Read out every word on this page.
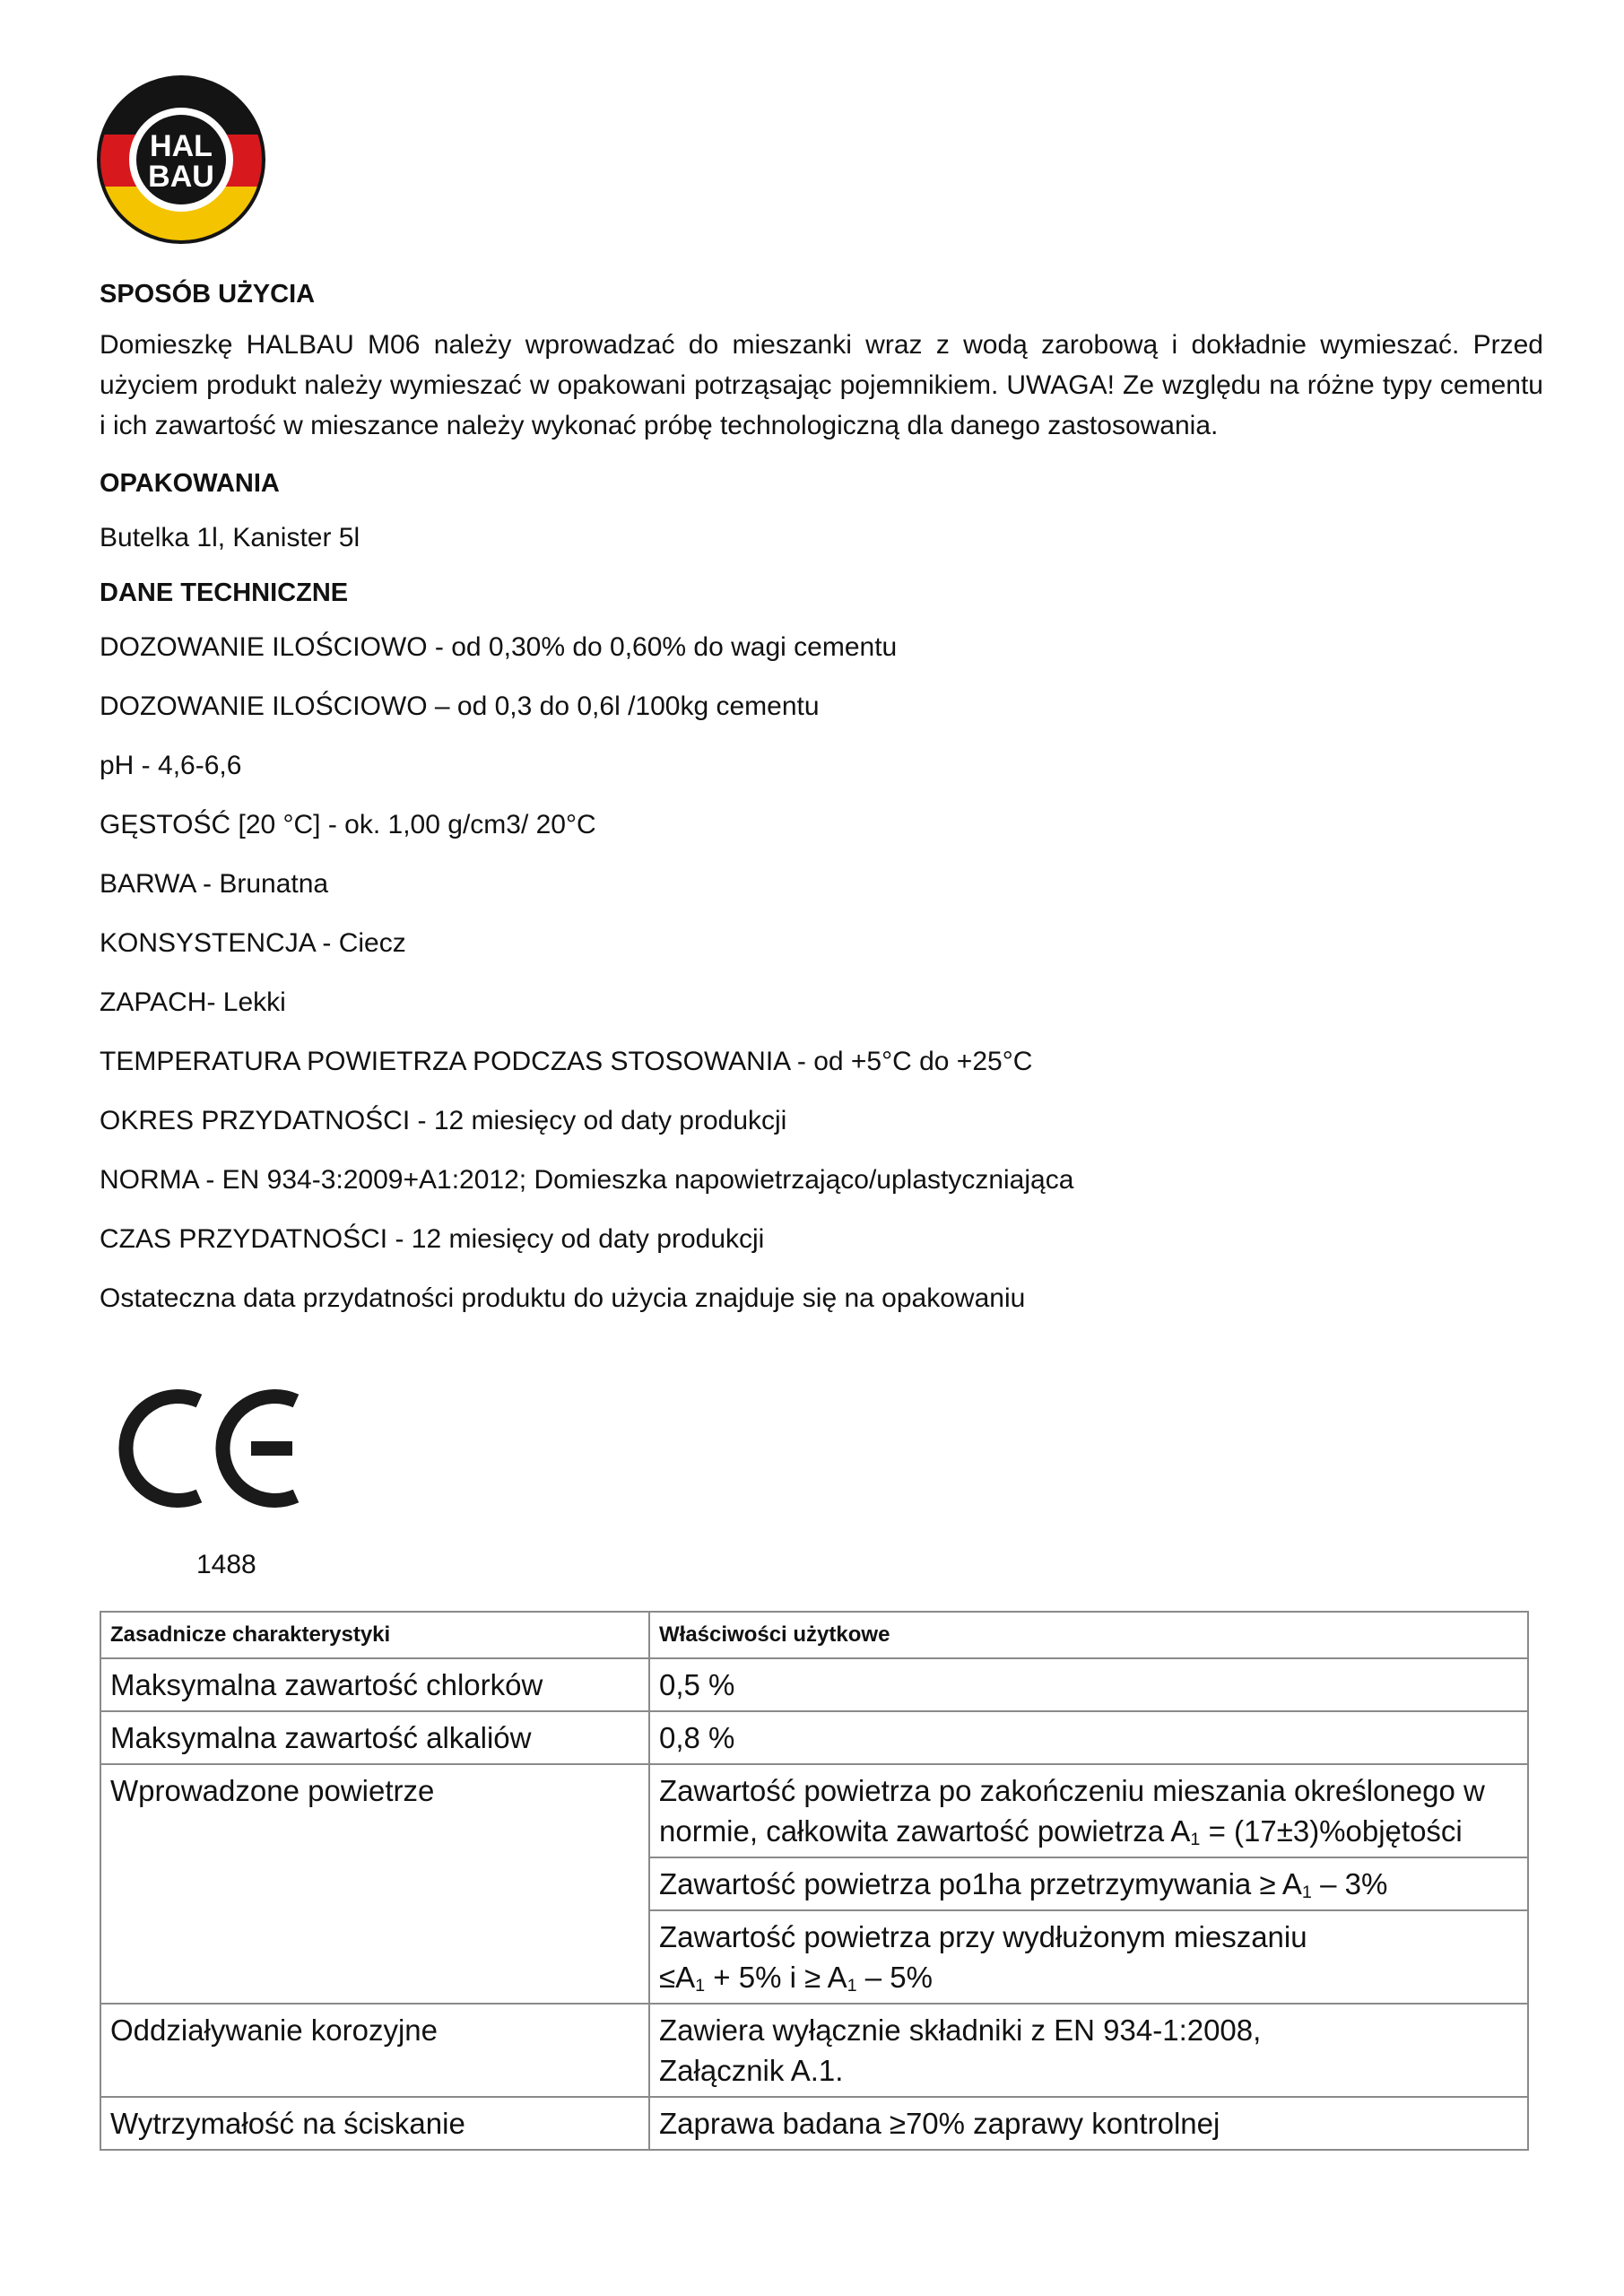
HAL
BAU

SPOSÓB UŻYCIA

Domieszkę HALBAU M06 należy wprowadzać do mieszanki wraz z wodą zarobową i dokładnie wymieszać. Przed użyciem produkt należy wymieszać w opakowani potrząsając pojemnikiem. UWAGA! Ze względu na różne typy cementu i ich zawartość w mieszance należy wykonać próbę technologiczną dla danego zastosowania.

OPAKOWANIA

Butelka 1l, Kanister 5l

DANE TECHNICZNE

DOZOWANIE ILOŚCIOWO - od 0,30% do 0,60% do wagi cementu

DOZOWANIE ILOŚCIOWO – od 0,3 do 0,6l /100kg cementu

pH - 4,6-6,6

GĘSTOŚĆ [20 °C] - ok. 1,00 g/cm3/ 20°C

BARWA - Brunatna

KONSYSTENCJA - Ciecz

ZAPACH- Lekki

TEMPERATURA POWIETRZA PODCZAS STOSOWANIA - od +5°C do +25°C

OKRES PRZYDATNOŚCI - 12 miesięcy od daty produkcji

NORMA - EN 934-3:2009+A1:2012; Domieszka napowietrzająco/uplastyczniająca

CZAS PRZYDATNOŚCI - 12 miesięcy od daty produkcji

Ostateczna data przydatności produktu do użycia znajduje się na opakowaniu

1488
Zasadnicze charakterystyki	Właściwości użytkowe
Maksymalna zawartość chlorków	0,5 %
Maksymalna zawartość alkaliów	0,8 %
Wprowadzone powietrze	Zawartość powietrza po zakończeniu mieszania określonego w normie, całkowita zawartość powietrza $A_1$ = (17±3)%objętości
	Zawartość powietrza po1ha przetrzymywania ≥ $A_1 - 3\%$
	Zawartość powietrza przy wydłużonym mieszaniu
$\le A_1 + 5\%$ $i \ge A_1 - 5\%$
Oddziaływanie korozyjne	Zawiera wyłącznie składniki z EN 934-1:2008,
Załącznik A.1.
Wytrzymałość na ściskanie	Zaprawa badana ≥70% zaprawy kontrolnej
